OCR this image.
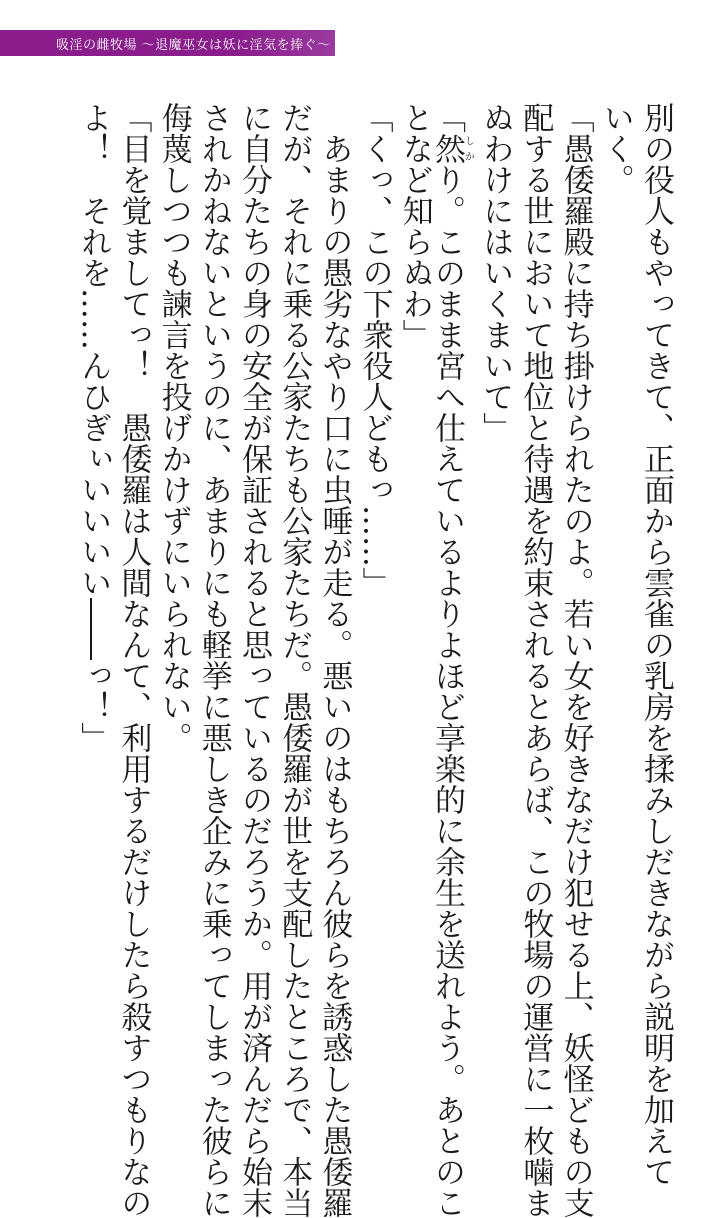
吸淫の雌牧場 〜退魔巫女は妖に淫気を捧ぐ〜
別の役人もやってきて、正面から雲雀の乳房を揉みしだきながら説明を加えて
いく。
「愚倭羅殿に持ち掛けられたのよ。若い女を好きなだけ犯せる上、妖怪どもの支
配する世において地位と待遇を約束されるとあらば、この牧場の運営に一枚噛ま
ぬわけにはいくまいて」
「然しかり。このまま宮へ仕えているよりよほど享楽的に余生を送れよう。あとのこ
となど知らぬわ」
「くっ、この下衆役人どもっ……」
　あまりの愚劣なやり口に虫唾が走る。悪いのはもちろん彼らを誘惑した愚倭羅
だが、それに乗る公家たちも公家たちだ。愚倭羅が世を支配したところで、本当
に自分たちの身の安全が保証されると思っているのだろうか。用が済んだら始末
されかねないというのに、あまりにも軽挙に悪しき企みに乗ってしまった彼らに
侮蔑しつつも諫言を投げかけずにいられない。
「目を覚ましてっ！　愚倭羅は人間なんて、利用するだけしたら殺すつもりなの
よ！　それを……んひぎぃいいいい――っ！」
